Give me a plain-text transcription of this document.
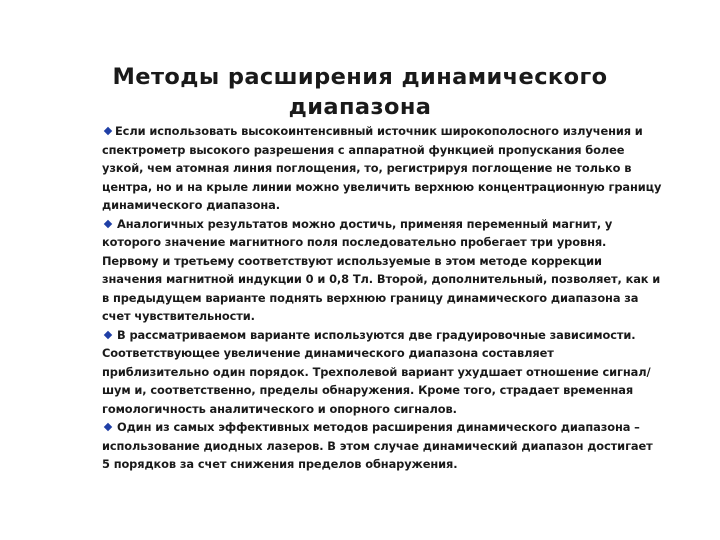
Методы расширения динамического диапазона

Если использовать высокоинтенсивный источник широкополосного излучения и спектрометр высокого разрешения с аппаратной функцией пропускания более узкой, чем атомная линия поглощения, то, регистрируя поглощение не только в центра, но и на крыле линии можно увеличить верхнюю концентрационную границу динамического диапазона.

Аналогичных результатов можно достичь, применяя переменный магнит, у которого значение магнитного поля последовательно пробегает три уровня. Первому и третьему соответствуют используемые в этом методе коррекции значения магнитной индукции 0 и 0,8 Тл. Второй, дополнительный, позволяет, как и в предыдущем варианте поднять верхнюю границу динамического диапазона за счет чувствительности.

В рассматриваемом варианте используются две градуировочные зависимости. Соответствующее увеличение динамического диапазона составляет приблизительно один порядок. Трехполевой вариант ухудшает отношение сигнал/шум и, соответственно, пределы обнаружения. Кроме того, страдает временная гомологичность аналитического и опорного сигналов.

Один из самых эффективных методов расширения динамического диапазона – использование диодных лазеров. В этом случае динамический диапазон достигает 5 порядков за счет снижения пределов обнаружения.
